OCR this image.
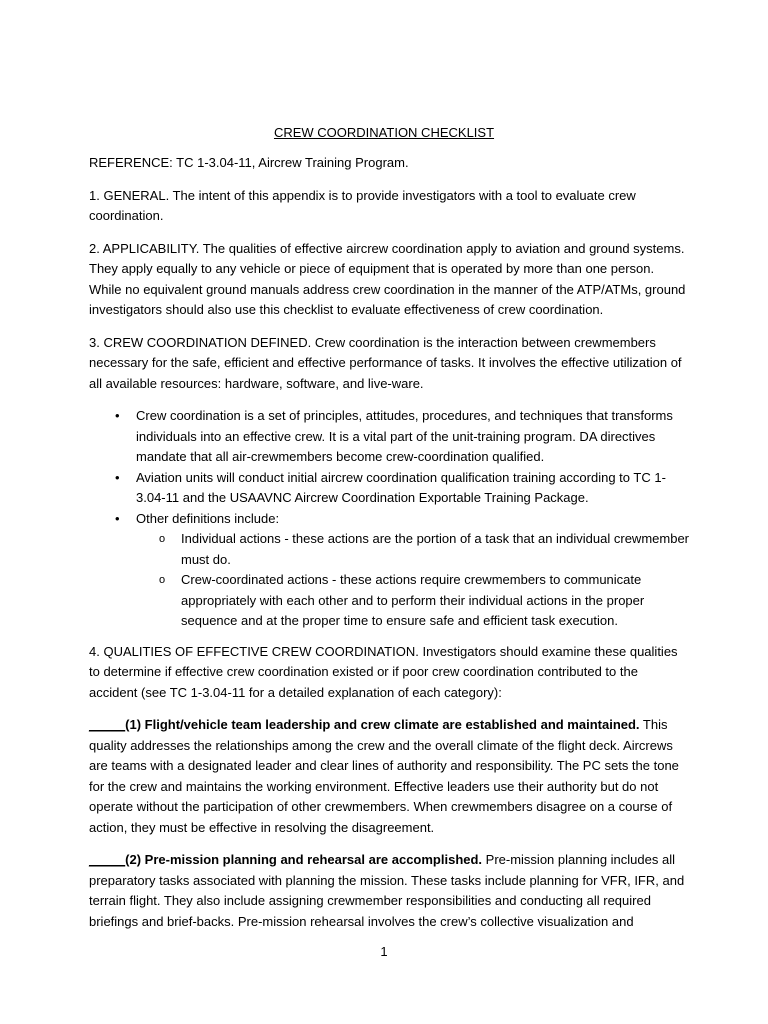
CREW COORDINATION CHECKLIST

REFERENCE: TC 1-3.04-11, Aircrew Training Program.

1. GENERAL. The intent of this appendix is to provide investigators with a tool to evaluate crew coordination.

2. APPLICABILITY. The qualities of effective aircrew coordination apply to aviation and ground systems. They apply equally to any vehicle or piece of equipment that is operated by more than one person. While no equivalent ground manuals address crew coordination in the manner of the ATP/ATMs, ground investigators should also use this checklist to evaluate effectiveness of crew coordination.

3. CREW COORDINATION DEFINED. Crew coordination is the interaction between crewmembers necessary for the safe, efficient and effective performance of tasks. It involves the effective utilization of all available resources: hardware, software, and live-ware.

• Crew coordination is a set of principles, attitudes, procedures, and techniques that transforms individuals into an effective crew. It is a vital part of the unit-training program. DA directives mandate that all air-crewmembers become crew-coordination qualified.
• Aviation units will conduct initial aircrew coordination qualification training according to TC 1-3.04-11 and the USAAVNC Aircrew Coordination Exportable Training Package.
• Other definitions include:
o Individual actions - these actions are the portion of a task that an individual crewmember must do.
o Crew-coordinated actions - these actions require crewmembers to communicate appropriately with each other and to perform their individual actions in the proper sequence and at the proper time to ensure safe and efficient task execution.

4. QUALITIES OF EFFECTIVE CREW COORDINATION. Investigators should examine these qualities to determine if effective crew coordination existed or if poor crew coordination contributed to the accident (see TC 1-3.04-11 for a detailed explanation of each category):

_____(1) Flight/vehicle team leadership and crew climate are established and maintained. This quality addresses the relationships among the crew and the overall climate of the flight deck. Aircrews are teams with a designated leader and clear lines of authority and responsibility. The PC sets the tone for the crew and maintains the working environment. Effective leaders use their authority but do not operate without the participation of other crewmembers. When crewmembers disagree on a course of action, they must be effective in resolving the disagreement.

_____(2) Pre-mission planning and rehearsal are accomplished. Pre-mission planning includes all preparatory tasks associated with planning the mission. These tasks include planning for VFR, IFR, and terrain flight. They also include assigning crewmember responsibilities and conducting all required briefings and brief-backs. Pre-mission rehearsal involves the crew’s collective visualization and

1
